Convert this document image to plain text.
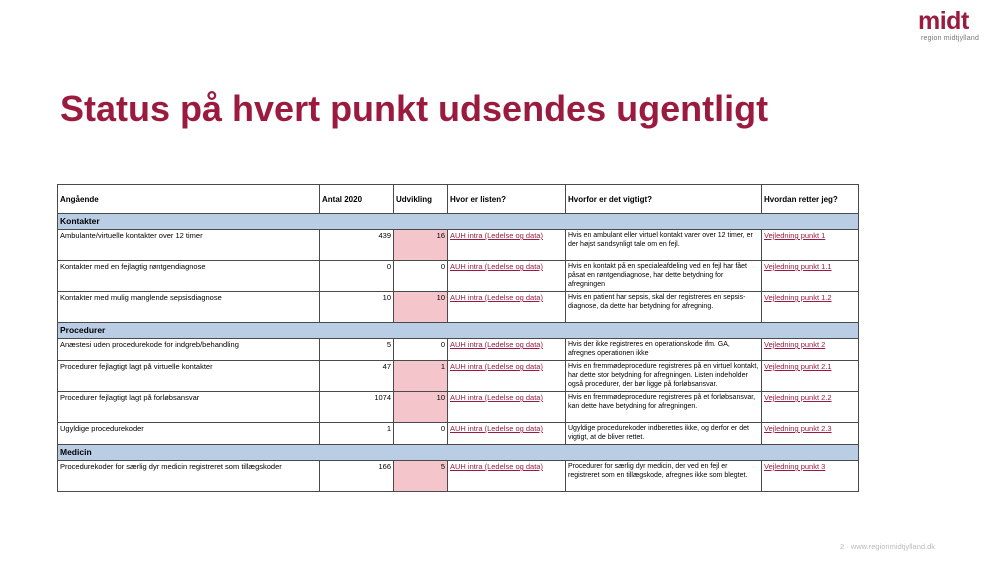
midt
region midtjylland
Status på hvert punkt udsendes ugentligt
Angående	Antal 2020	Udvikling	Hvor er listen?	Hvorfor er det vigtigt?	Hvordan retter jeg?
Kontakter					
Ambulante/virtuelle kontakter over 12 timer	439	16	AUH intra (Ledelse og data)	Hvis en ambulant eller virtuel kontakt varer over 12 timer, er der højst sandsynligt tale om en fejl.	Vejledning punkt 1
Kontakter med en fejlagtig røntgendiagnose	0	0	AUH intra (Ledelse og data)	Hvis en kontakt på en specialeafdeling ved en fejl har fået påsat en røntgendiagnose, har dette betydning for afregningen	Vejledning punkt 1.1
Kontakter med mulig manglende sepsisdiagnose	10	10	AUH intra (Ledelse og data)	Hvis en patient har sepsis, skal der registreres en sepsis-diagnose, da dette har betydning for afregning.	Vejledning punkt 1.2
Procedurer					
Anæstesi uden procedurekode for indgreb/behandling	5	0	AUH intra (Ledelse og data)	Hvis der ikke registreres en operationskode ifm. GA, afregnes operationen ikke	Vejledning punkt 2
Procedurer fejlagtigt lagt på virtuelle kontakter	47	1	AUH intra (Ledelse og data)	Hvis en fremmødeprocedure registreres på en virtuel kontakt, har dette stor betydning for afregningen. Listen indeholder også procedurer, der bør ligge på forløbsansvar.	Vejledning punkt 2.1
Procedurer fejlagtigt lagt på forløbsansvar	1074	10	AUH intra (Ledelse og data)	Hvis en fremmødeprocedure registreres på et forløbsansvar, kan dette have betydning for afregningen.	Vejledning punkt 2.2
Ugyldige procedurekoder	1	0	AUH intra (Ledelse og data)	Ugyldige procedurekoder indberettes ikke, og derfor er det vigtigt, at de bliver rettet.	Vejledning punkt 2.3
Medicin					
Procedurekoder for særlig dyr medicin registreret som tillægskoder	166	5	AUH intra (Ledelse og data)	Procedurer for særlig dyr medicin, der ved en fejl er registreret som en tillægskode, afregnes ikke som blegtet.	Vejledning punkt 3
2 · www.regionmidtjylland.dk
